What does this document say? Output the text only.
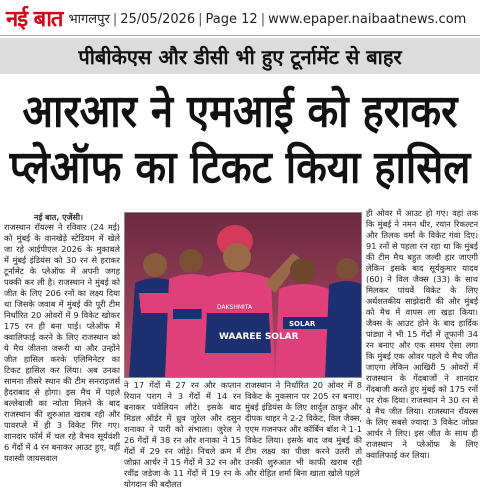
नई बात भागलपुर | 25/05/2026 | Page 12 | www.epaper.naibaatnews.com
पीबीकेएस और डीसी भी हुए टूर्नामेंट से बाहर
आरआर ने एमआई को हराकर
प्लेऑफ का टिकट किया हासिल
नई बात, एजेंसी।

राजस्थान रॉयल्स ने रविवार (24 मई) को मुंबई के वानखेड़े स्टेडियम में खेले जा रहे आईपीएल 2026 के मुकाबले में मुंबई इंडियंस को 30 रन से हराकर टूर्नामेंट के प्लेऑफ में अपनी जगह पक्की कर ली है। राजस्थान ने मुंबई को जीत के लिए 206 रनों का लक्ष्य दिया था जिसके जवाब में मुंबई की पूरी टीम निर्धारित 20 ओवरों में 9 विकेट खोकर 175 रन ही बना पाई। प्लेऑफ में क्वालिफाई करने के लिए राजस्थान को ये मैच जीतना जरूरी था और उन्होंने जीत हासिल करके एलिमिनेटर का टिकट हासिल कर लिया। अब उनका सामना तीसरे स्थान की टीम सनराइजर्स हैदराबाद से होगा। इस मैच में पहले बल्लेबाजी का न्योता मिलने के बाद राजस्थान की शुरुआत खराब रही और पावरप्ले में ही 3 विकेट गिर गए। शानदार फॉर्म में चल रहे वैभव सूर्यवंशी 6 गेंदों में 4 रन बनाकर आउट हुए, वहीं यशस्वी जायसवाल

DAKSHMITA
WAAREE SOLAR
SOLAR

ने 17 गेंदों में 27 रन और कप्तान रियान पराग ने 3 गेंदों में 14 रन बनाकर पवेलियन लौटे। इसके बाद मिडल ऑर्डर में ध्रुव जुरेल और दसुन शनाका ने पारी को संभाला। जुरेल ने 26 गेंदों में 38 रन और शनाका ने 15 गेंदों में 29 रन जोड़े। निचले क्रम में जोफ्रा आर्चर ने 15 गेंदों में 32 रन और रवींद्र जडेजा के 11 गेंदों में 19 रन के योगदान की बदौलत

राजस्थान ने निर्धारित 20 ओवर में 8 विकेट के नुकसान पर 205 रन बनाए। मुंबई इंडियंस के लिए शार्दुल ठाकुर और दीपक चाहर ने 2-2 विकेट, विल जैक्स, एएम गजनफर और कॉर्बिन बॉश ने 1-1 विकेट लिया। इसके बाद जब मुंबई की टीम लक्ष्य का पीछा करने उतरी तो उनकी शुरुआत भी काफी खराब रही और रोहित शर्मा बिना खाता खोले पहले

ही ओवर में आउट हो गए। वहां तक कि मुंबई ने नमन धीर, रयान रिकल्टन और तिलक वर्मा के विकेट गंवा दिए। 91 रनों से पहला रन रहा था कि मुंबई की टीम मैच बहुत जल्दी हार जाएगी लेकिन इसके बाद सूर्यकुमार यादव (60) ने विल जैक्स (33) के साथ मिलकर पांचवें विकेट के लिए अर्धशतकीय साझेदारी की और मुंबई को मैच में वापस ला खड़ा किया। जैक्स के आउट होने के बाद हार्दिक पांड्या ने भी 15 गेंदों में तूफानी 34 रन बनाए और एक समय ऐसा लगा कि मुंबई एक ओवर पहले ये मैच जीत जाएगा लेकिन आखिरी 5 ओवरों में राजस्थान के गेंदबाजों ने शानदार गेंदबाजी करते हुए मुंबई को 175 रनों पर रोक दिया। राजस्थान ने 30 रन से ये मैच जीत लिया। राजस्थान रॉयल्स के लिए सबसे ज्यादा 3 विकेट जोफ्रा आर्चर ने लिए। इस जीत के साथ ही राजस्थान ने प्लेऑफ के लिए क्वालिफाई कर लिया।
